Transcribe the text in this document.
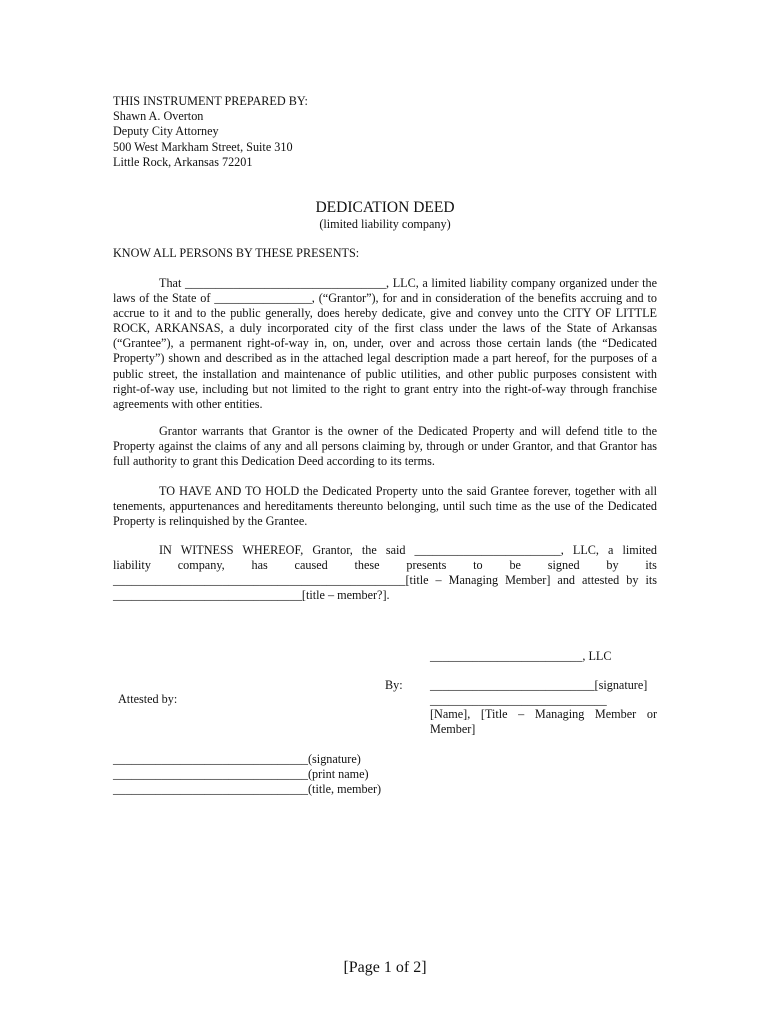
THIS INSTRUMENT PREPARED BY:
Shawn A. Overton
Deputy City Attorney
500 West Markham Street, Suite 310
Little Rock, Arkansas 72201
DEDICATION DEED
(limited liability company)
KNOW ALL PERSONS BY THESE PRESENTS:
That _________________________________, LLC, a limited liability company organized under the laws of the State of ________________, (“Grantor”), for and in consideration of the benefits accruing and to accrue to it and to the public generally, does hereby dedicate, give and convey unto the CITY OF LITTLE ROCK, ARKANSAS, a duly incorporated city of the first class under the laws of the State of Arkansas (“Grantee”), a permanent right-of-way in, on, under, over and across those certain lands (the “Dedicated Property”) shown and described as in the attached legal description made a part hereof, for the purposes of a public street, the installation and maintenance of public utilities, and other public purposes consistent with right-of-way use, including but not limited to the right to grant entry into the right-of-way through franchise agreements with other entities.
Grantor warrants that Grantor is the owner of the Dedicated Property and will defend title to the Property against the claims of any and all persons claiming by, through or under Grantor, and that Grantor has full authority to grant this Dedication Deed according to its terms.
TO HAVE AND TO HOLD the Dedicated Property unto the said Grantee forever, together with all tenements, appurtenances and hereditaments thereunto belonging, until such time as the use of the Dedicated Property is relinquished by the Grantee.
IN WITNESS WHEREOF, Grantor, the said ________________________, LLC, a limited
liability company, has caused these presents to be signed by its
________________________________________________[title – Managing Member] and attested by its
_______________________________[title – member?].
_________________________, LLC
By: ___________________________[signature]
Attested by:	_____________________________
[Name], [Title – Managing Member or Member]
________________________________(signature)
________________________________(print name)
________________________________(title, member)
[Page 1 of 2]
